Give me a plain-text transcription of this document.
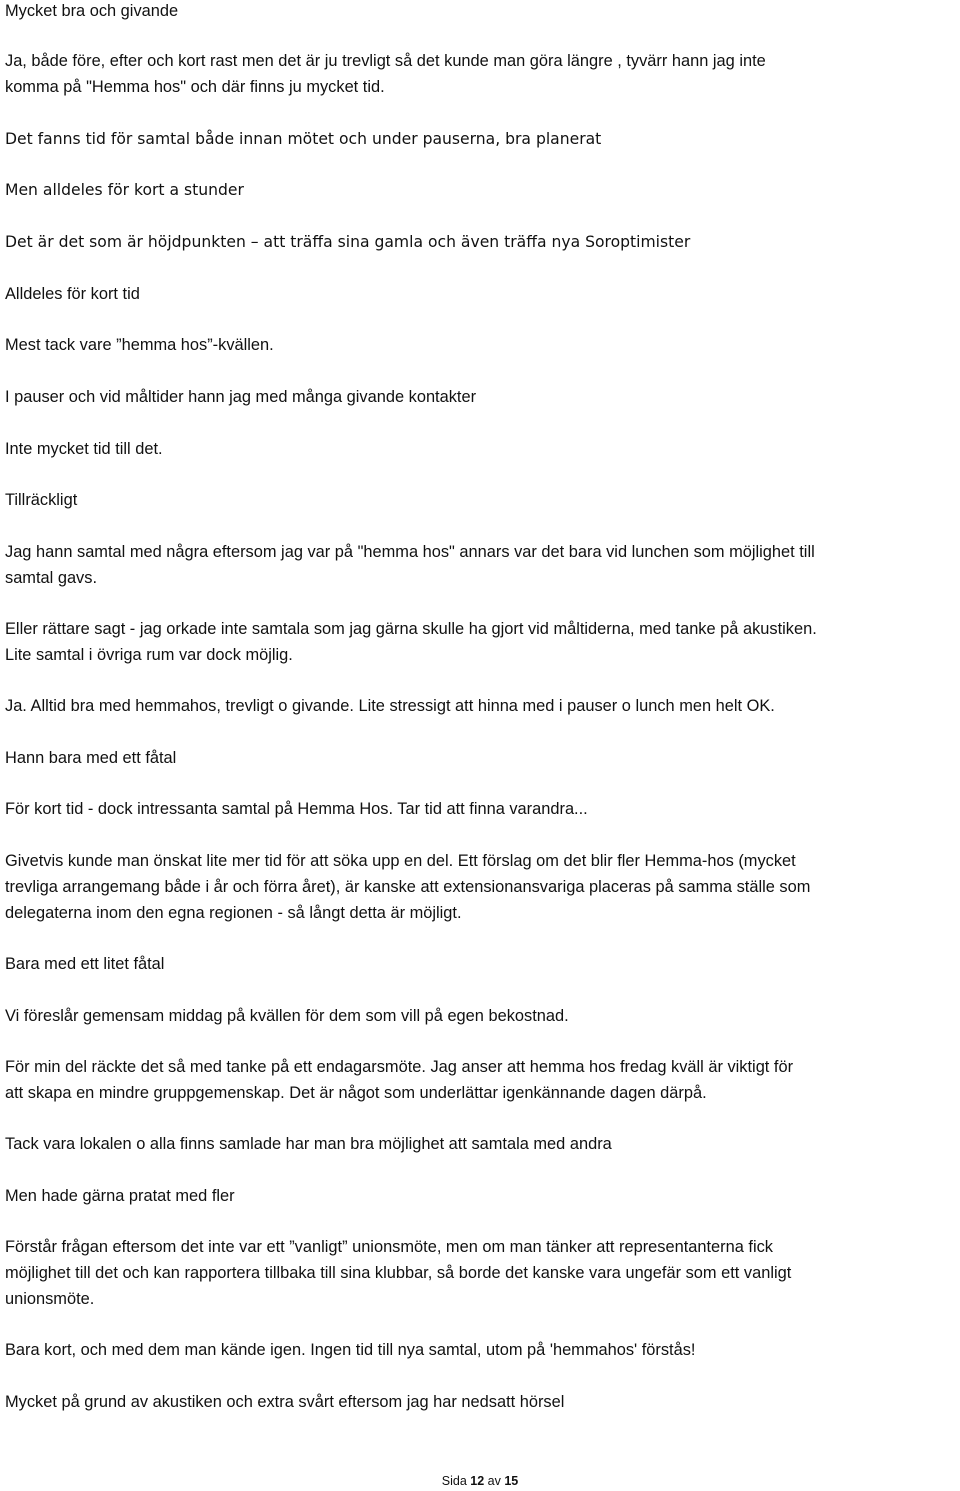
Mycket bra och givande

Ja, både före, efter och kort rast men det är ju trevligt så det kunde man göra längre , tyvärr hann jag inte
komma på "Hemma hos" och där finns ju mycket tid.

Det fanns tid för samtal både innan mötet och under pauserna, bra planerat

Men alldeles för kort a stunder

Det är det som är höjdpunkten – att träffa sina gamla och även träffa nya Soroptimister

Alldeles för kort tid

Mest tack vare ”hemma hos”-kvällen.

I pauser och vid måltider hann jag med många givande kontakter

Inte mycket tid till det.

Tillräckligt

Jag hann samtal med några eftersom jag var på "hemma hos" annars var det bara vid lunchen som möjlighet till
samtal gavs.

Eller rättare sagt - jag orkade inte samtala som jag gärna skulle ha gjort vid måltiderna, med tanke på akustiken.
Lite samtal i övriga rum var dock möjlig.

Ja. Alltid bra med hemmahos, trevligt o givande. Lite stressigt att hinna med i pauser o lunch men helt OK.

Hann bara med ett fåtal

För kort tid - dock intressanta samtal på Hemma Hos. Tar tid att finna varandra...

Givetvis kunde man önskat lite mer tid för att söka upp en del. Ett förslag om det blir fler Hemma-hos (mycket
trevliga arrangemang både i år och förra året), är kanske att extensionansvariga placeras på samma ställe som
delegaterna inom den egna regionen - så långt detta är möjligt.

Bara med ett litet fåtal

Vi föreslår gemensam middag på kvällen för dem som vill på egen bekostnad.

För min del räckte det så med tanke på ett endagarsmöte. Jag anser att hemma hos fredag kväll är viktigt för
att skapa en mindre gruppgemenskap. Det är något som underlättar igenkännande dagen därpå.

Tack vara lokalen o alla finns samlade har man bra möjlighet att samtala med andra

Men hade gärna pratat med fler

Förstår frågan eftersom det inte var ett ”vanligt” unionsmöte, men om man tänker att representanterna fick
möjlighet till det och kan rapportera tillbaka till sina klubbar, så borde det kanske vara ungefär som ett vanligt
unionsmöte.

Bara kort, och med dem man kände igen. Ingen tid till nya samtal, utom på 'hemmahos' förstås!

Mycket på grund av akustiken och extra svårt eftersom jag har nedsatt hörsel

Sida 12 av 15
